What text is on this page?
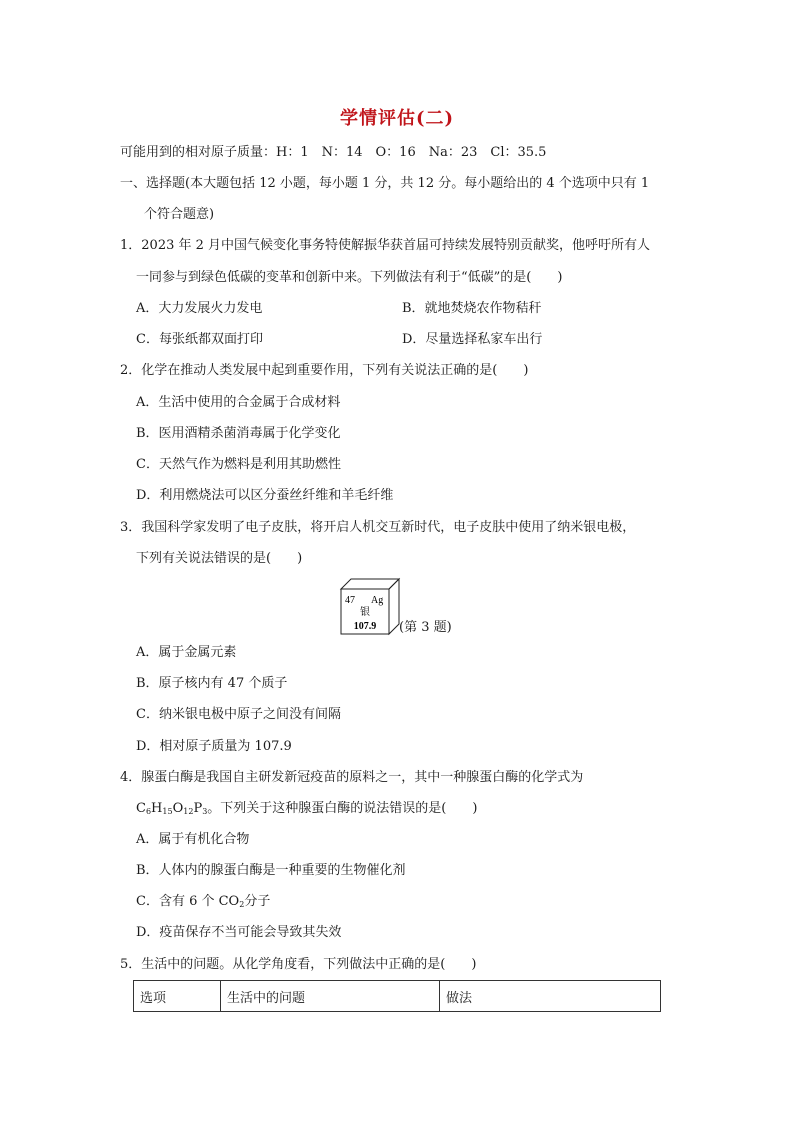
学情评估(二)
可能用到的相对原子质量：H：1　N：14　O：16　Na：23　Cl：35.5
一、选择题(本大题包括 12 小题，每小题 1 分，共 12 分。每小题给出的 4 个选项中只有 1
个符合题意)
1．2023 年 2 月中国气候变化事务特使解振华获首届可持续发展特别贡献奖，他呼吁所有人
一同参与到绿色低碳的变革和创新中来。下列做法有利于“低碳”的是(　　)
A．大力发展火力发电	B．就地焚烧农作物秸秆
C．每张纸都双面打印	D．尽量选择私家车出行
2．化学在推动人类发展中起到重要作用，下列有关说法正确的是(　　)
A．生活中使用的合金属于合成材料
B．医用酒精杀菌消毒属于化学变化
C．天然气作为燃料是利用其助燃性
D．利用燃烧法可以区分蚕丝纤维和羊毛纤维
3．我国科学家发明了电子皮肤，将开启人机交互新时代，电子皮肤中使用了纳米银电极，
下列有关说法错误的是(　　)
47 Ag
银
107.9 (第 3 题)
A．属于金属元素
B．原子核内有 47 个质子
C．纳米银电极中原子之间没有间隔
D．相对原子质量为 107.9
4．腺蛋白酶是我国自主研发新冠疫苗的原料之一，其中一种腺蛋白酶的化学式为
$C_6H_{15}O_{12}P_3$。下列关于这种腺蛋白酶的说法错误的是(　　)
A．属于有机化合物
B．人体内的腺蛋白酶是一种重要的生物催化剂
C．含有 6 个 $CO_2$分子
D．疫苗保存不当可能会导致其失效
5．生活中的问题。从化学角度看，下列做法中正确的是(　　)
选项	生活中的问题	做法
